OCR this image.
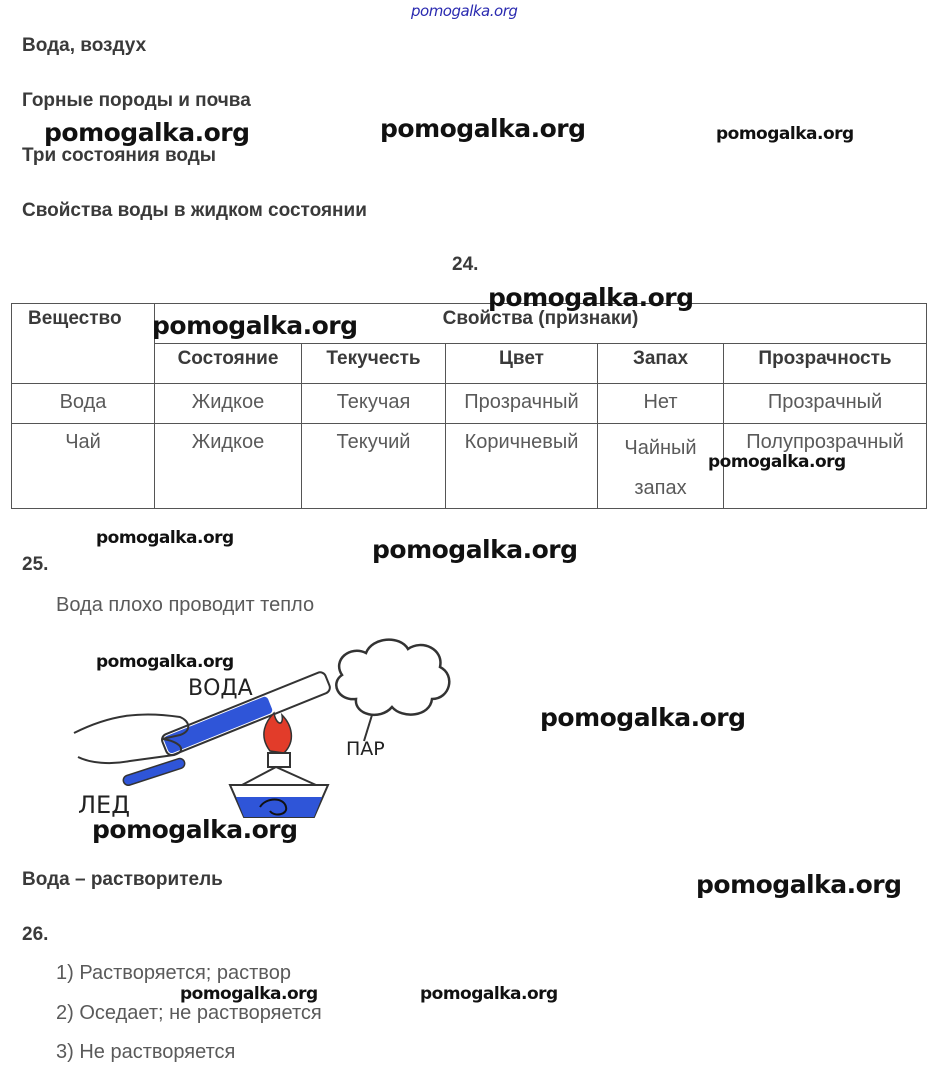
pomogalka.org
Вода, воздух
Горные породы и почва
Три состояния воды
Свойства воды в жидком состоянии
24.
Вещество	Свойства (признаки)				
	Состояние	Текучесть	Цвет	Запах	Прозрачность
Вода	Жидкое	Текучая	Прозрачный	Нет	Прозрачный
Чай	Жидкое	Текучий	Коричневый	Чайный запах	Полупрозрачный
25.
Вода плохо проводит тепло
ВОДА
ПАР
ЛЕД
Вода – растворитель
26.
1) Растворяется; раствор
2) Оседает; не растворяется
3) Не растворяется
pomogalka.org	pomogalka.org	pomogalka.org
pomogalka.org
pomogalka.org
pomogalka.org
pomogalka.org	pomogalka.org
pomogalka.org
pomogalka.org
pomogalka.org
pomogalka.org
pomogalka.org	pomogalka.org
